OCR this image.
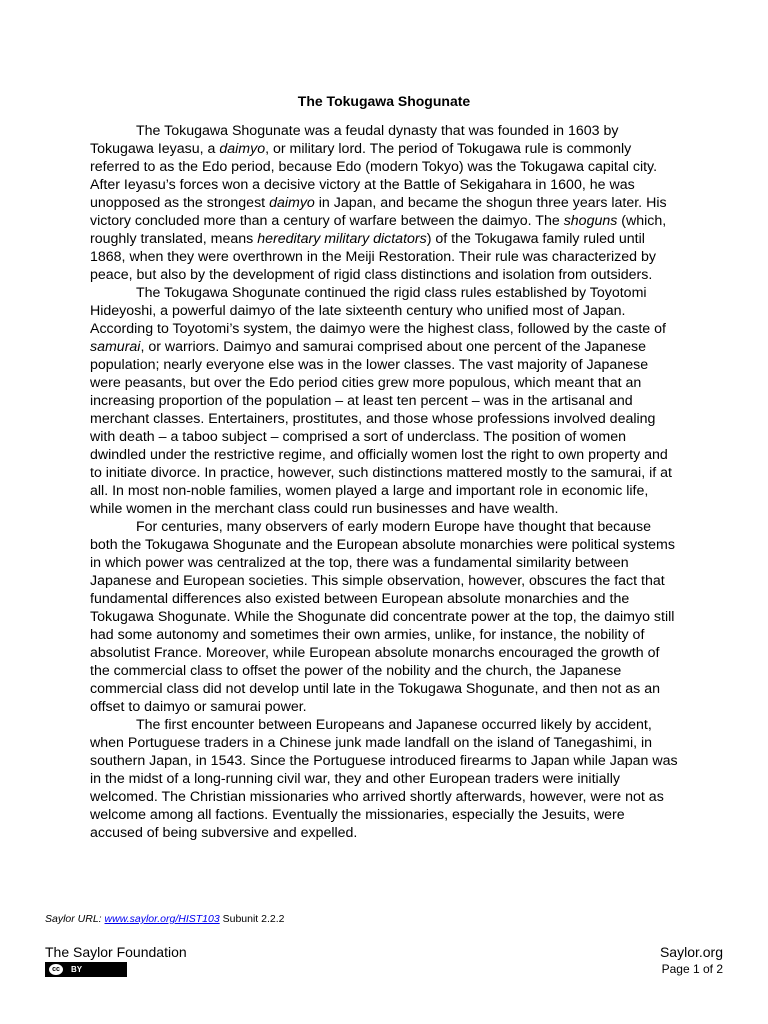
The Tokugawa Shogunate

The Tokugawa Shogunate was a feudal dynasty that was founded in 1603 by Tokugawa Ieyasu, a daimyo, or military lord. The period of Tokugawa rule is commonly referred to as the Edo period, because Edo (modern Tokyo) was the Tokugawa capital city. After Ieyasu’s forces won a decisive victory at the Battle of Sekigahara in 1600, he was unopposed as the strongest daimyo in Japan, and became the shogun three years later. His victory concluded more than a century of warfare between the daimyo. The shoguns (which, roughly translated, means hereditary military dictators) of the Tokugawa family ruled until 1868, when they were overthrown in the Meiji Restoration. Their rule was characterized by peace, but also by the development of rigid class distinctions and isolation from outsiders.

The Tokugawa Shogunate continued the rigid class rules established by Toyotomi Hideyoshi, a powerful daimyo of the late sixteenth century who unified most of Japan. According to Toyotomi’s system, the daimyo were the highest class, followed by the caste of samurai, or warriors. Daimyo and samurai comprised about one percent of the Japanese population; nearly everyone else was in the lower classes. The vast majority of Japanese were peasants, but over the Edo period cities grew more populous, which meant that an increasing proportion of the population – at least ten percent – was in the artisanal and merchant classes. Entertainers, prostitutes, and those whose professions involved dealing with death – a taboo subject – comprised a sort of underclass. The position of women dwindled under the restrictive regime, and officially women lost the right to own property and to initiate divorce. In practice, however, such distinctions mattered mostly to the samurai, if at all. In most non-noble families, women played a large and important role in economic life, while women in the merchant class could run businesses and have wealth.

For centuries, many observers of early modern Europe have thought that because both the Tokugawa Shogunate and the European absolute monarchies were political systems in which power was centralized at the top, there was a fundamental similarity between Japanese and European societies. This simple observation, however, obscures the fact that fundamental differences also existed between European absolute monarchies and the Tokugawa Shogunate. While the Shogunate did concentrate power at the top, the daimyo still had some autonomy and sometimes their own armies, unlike, for instance, the nobility of absolutist France. Moreover, while European absolute monarchs encouraged the growth of the commercial class to offset the power of the nobility and the church, the Japanese commercial class did not develop until late in the Tokugawa Shogunate, and then not as an offset to daimyo or samurai power.

The first encounter between Europeans and Japanese occurred likely by accident, when Portuguese traders in a Chinese junk made landfall on the island of Tanegashimi, in southern Japan, in 1543. Since the Portuguese introduced firearms to Japan while Japan was in the midst of a long-running civil war, they and other European traders were initially welcomed. The Christian missionaries who arrived shortly afterwards, however, were not as welcome among all factions. Eventually the missionaries, especially the Jesuits, were accused of being subversive and expelled.

Saylor URL: www.saylor.org/HIST103 Subunit 2.2.2
The Saylor Foundation
cc	BY
Saylor.org
Page 1 of 2
